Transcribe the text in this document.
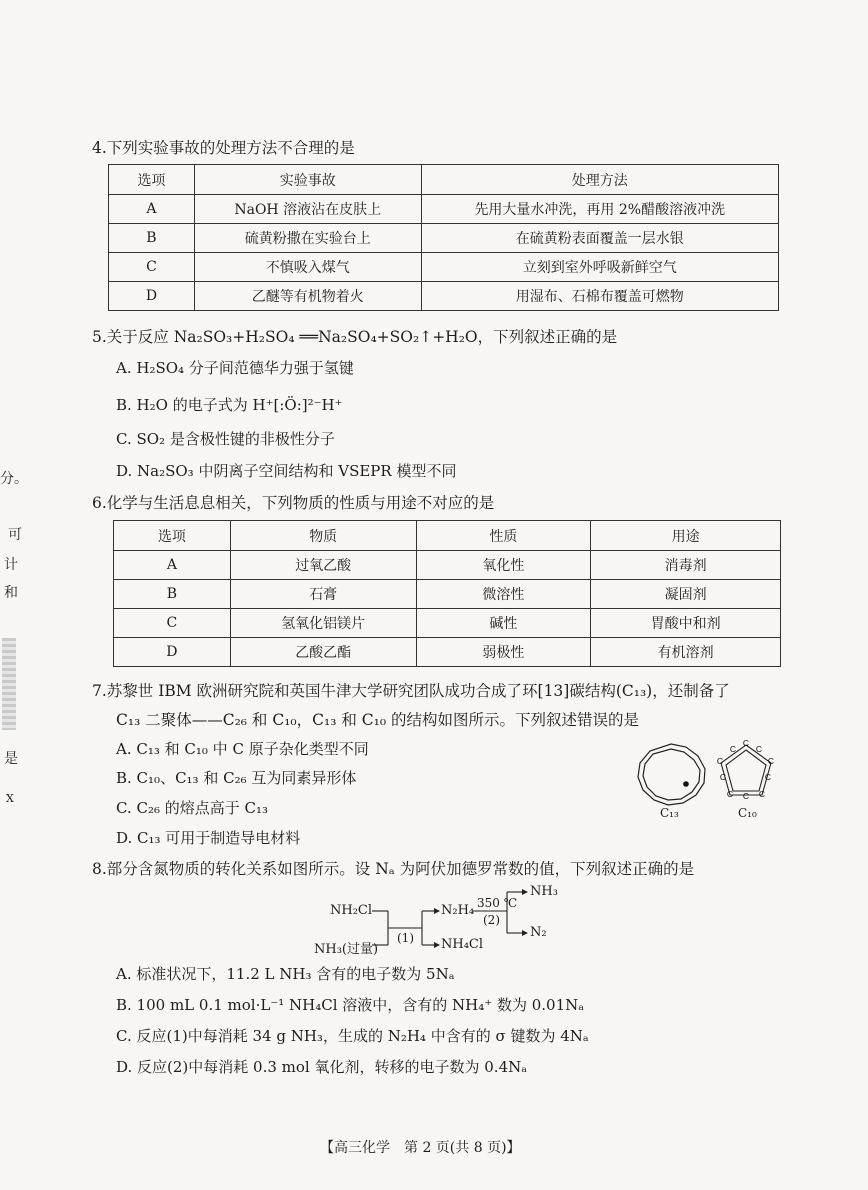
分。
可
计
和
是
X
4.下列实验事故的处理方法不合理的是
选项	实验事故	处理方法
A	NaOH 溶液沾在皮肤上	先用大量水冲洗，再用 2%醋酸溶液冲洗
B	硫黄粉撒在实验台上	在硫黄粉表面覆盖一层水银
C	不慎吸入煤气	立刻到室外呼吸新鲜空气
D	乙醚等有机物着火	用湿布、石棉布覆盖可燃物
5.关于反应 Na₂SO₃+H₂SO₄ ══Na₂SO₄+SO₂↑+H₂O，下列叙述正确的是
A. H₂SO₄ 分子间范德华力强于氢键
B. H₂O 的电子式为 H⁺[:Ö:]²⁻H⁺
C. SO₂ 是含极性键的非极性分子
D. Na₂SO₃ 中阴离子空间结构和 VSEPR 模型不同
6.化学与生活息息相关，下列物质的性质与用途不对应的是
选项	物质	性质	用途
A	过氧乙酸	氧化性	消毒剂
B	石膏	微溶性	凝固剂
C	氢氧化铝镁片	碱性	胃酸中和剂
D	乙酸乙酯	弱极性	有机溶剂
7.苏黎世 IBM 欧洲研究院和英国牛津大学研究团队成功合成了环[13]碳结构(C₁₃)，还制备了
C₁₃ 二聚体——C₂₆ 和 C₁₀，C₁₃ 和 C₁₀ 的结构如图所示。下列叙述错误的是
A. C₁₃ 和 C₁₀ 中 C 原子杂化类型不同
B. C₁₀、C₁₃ 和 C₂₆ 互为同素异形体
C. C₂₆ 的熔点高于 C₁₃
D. C₁₃ 可用于制造导电材料
C₁₃
C
C
C
C
C
C
C
C
C
C
C₁₀
8.部分含氮物质的转化关系如图所示。设 Nₐ 为阿伏加德罗常数的值，下列叙述正确的是
NH₂Cl
NH₃(过量)
(1)
N₂H₄
NH₄Cl
350 ℃
(2)
NH₃
N₂
A. 标准状况下，11.2 L NH₃ 含有的电子数为 5Nₐ
B. 100 mL 0.1 mol·L⁻¹ NH₄Cl 溶液中，含有的 NH₄⁺ 数为 0.01Nₐ
C. 反应(1)中每消耗 34 g NH₃，生成的 N₂H₄ 中含有的 σ 键数为 4Nₐ
D. 反应(2)中每消耗 0.3 mol 氧化剂，转移的电子数为 0.4Nₐ
【高三化学　第 2 页(共 8 页)】
